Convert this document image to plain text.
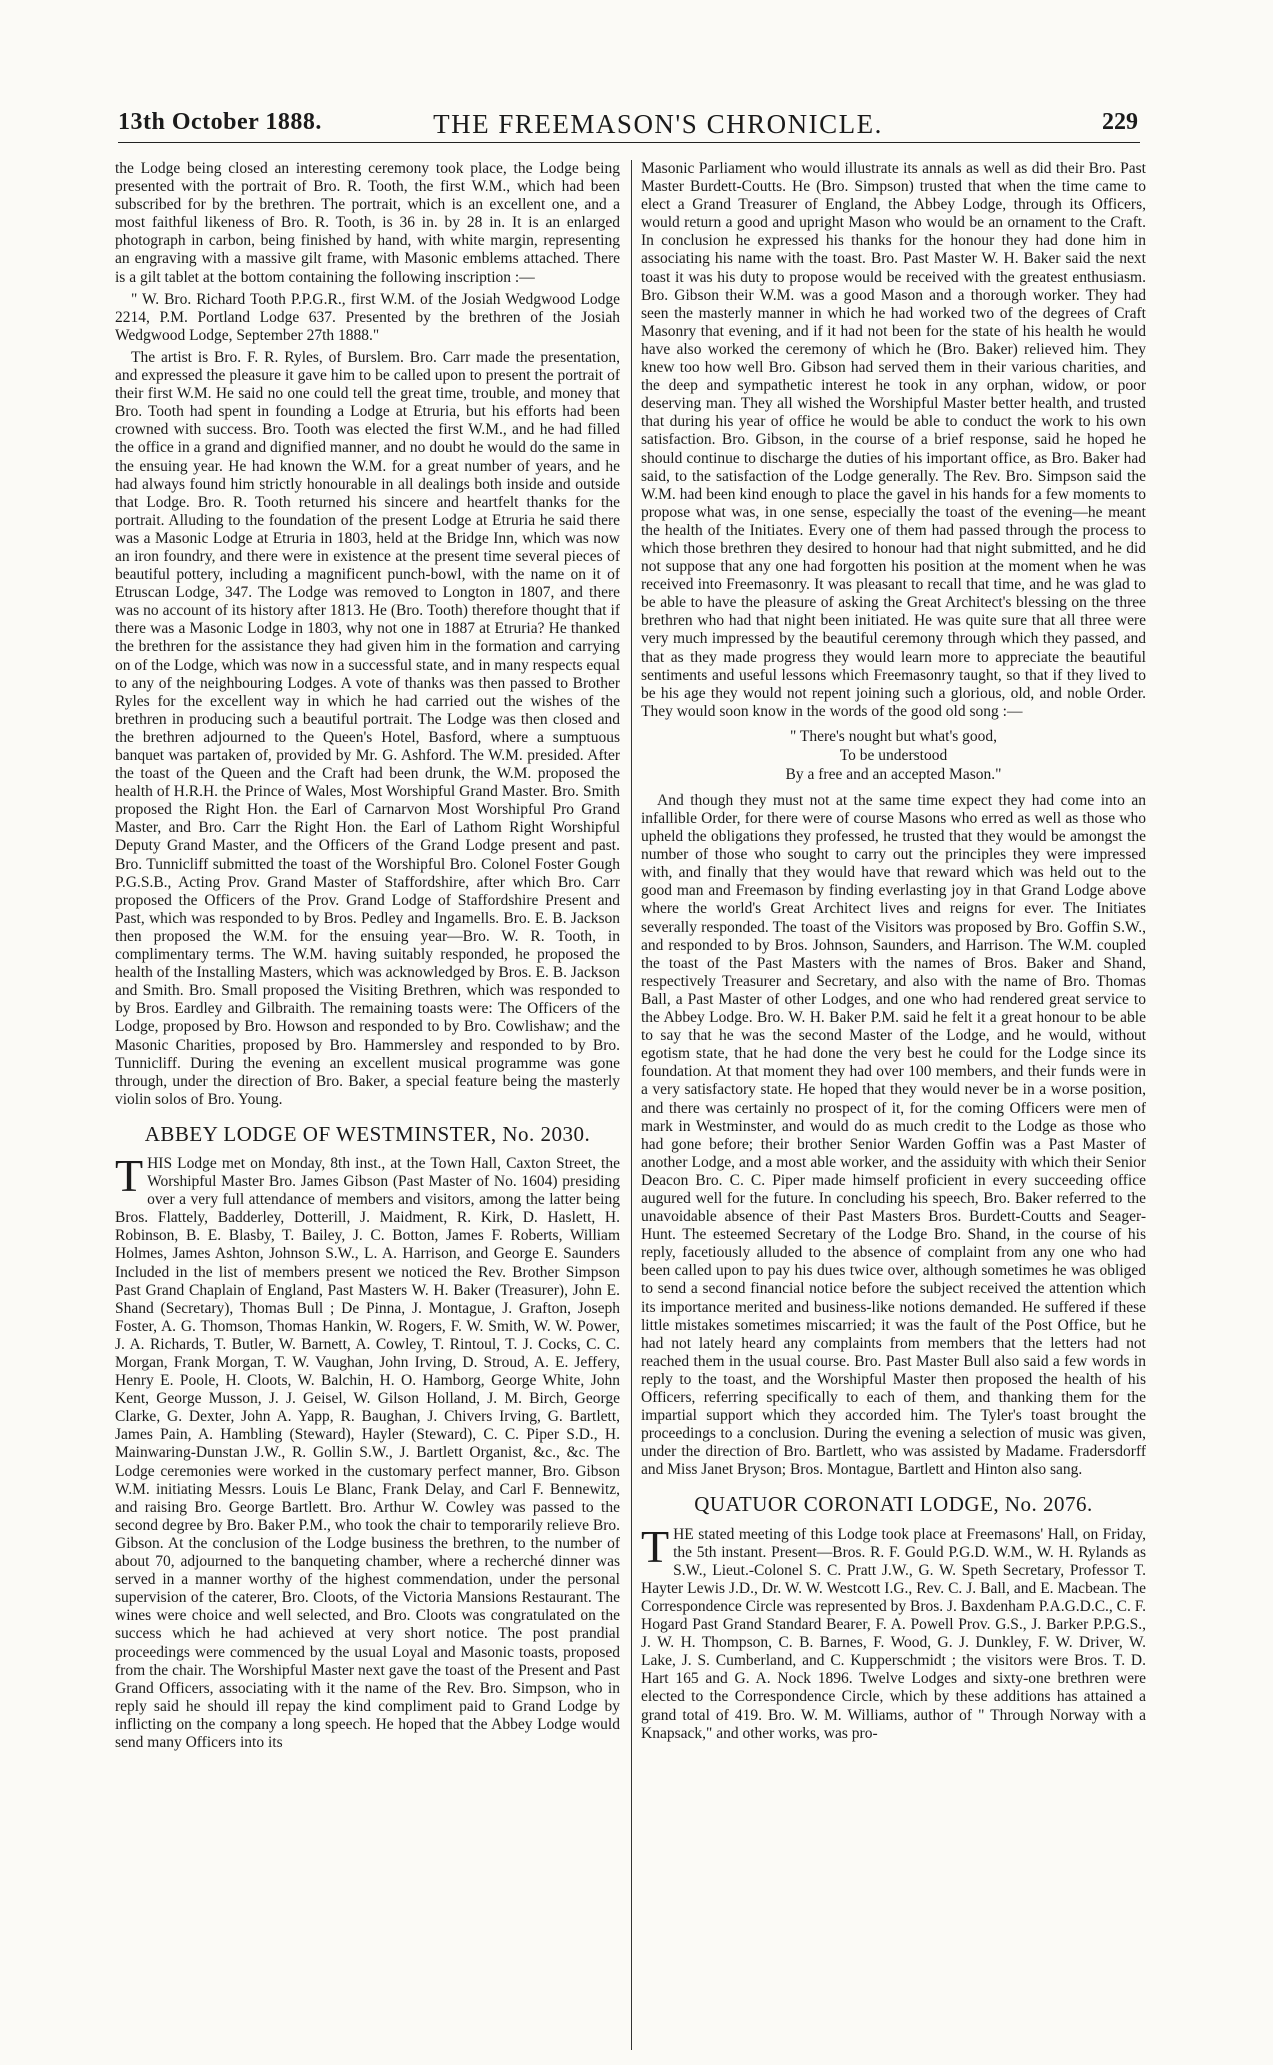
13th October 1888.	THE FREEMASON'S CHRONICLE.	229

the Lodge being closed an interesting ceremony took place, the Lodge being presented with the portrait of Bro. R. Tooth, the first W.M., which had been subscribed for by the brethren. The portrait, which is an excellent one, and a most faithful likeness of Bro. R. Tooth, is 36 in. by 28 in. It is an enlarged photograph in carbon, being finished by hand, with white margin, representing an engraving with a massive gilt frame, with Masonic emblems attached. There is a gilt tablet at the bottom containing the following inscription :—

" W. Bro. Richard Tooth P.P.G.R., first W.M. of the Josiah Wedgwood Lodge 2214, P.M. Portland Lodge 637. Presented by the brethren of the Josiah Wedgwood Lodge, September 27th 1888."

The artist is Bro. F. R. Ryles, of Burslem. Bro. Carr made the presentation, and expressed the pleasure it gave him to be called upon to present the portrait of their first W.M. He said no one could tell the great time, trouble, and money that Bro. Tooth had spent in founding a Lodge at Etruria, but his efforts had been crowned with success. Bro. Tooth was elected the first W.M., and he had filled the office in a grand and dignified manner, and no doubt he would do the same in the ensuing year. He had known the W.M. for a great number of years, and he had always found him strictly honourable in all dealings both inside and outside that Lodge. Bro. R. Tooth returned his sincere and heartfelt thanks for the portrait. Alluding to the foundation of the present Lodge at Etruria he said there was a Masonic Lodge at Etruria in 1803, held at the Bridge Inn, which was now an iron foundry, and there were in existence at the present time several pieces of beautiful pottery, including a magnificent punch-bowl, with the name on it of Etruscan Lodge, 347. The Lodge was removed to Longton in 1807, and there was no account of its history after 1813. He (Bro. Tooth) therefore thought that if there was a Masonic Lodge in 1803, why not one in 1887 at Etruria? He thanked the brethren for the assistance they had given him in the formation and carrying on of the Lodge, which was now in a successful state, and in many respects equal to any of the neighbouring Lodges. A vote of thanks was then passed to Brother Ryles for the excellent way in which he had carried out the wishes of the brethren in producing such a beautiful portrait. The Lodge was then closed and the brethren adjourned to the Queen's Hotel, Basford, where a sumptuous banquet was partaken of, provided by Mr. G. Ashford. The W.M. presided. After the toast of the Queen and the Craft had been drunk, the W.M. proposed the health of H.R.H. the Prince of Wales, Most Worshipful Grand Master. Bro. Smith proposed the Right Hon. the Earl of Carnarvon Most Worshipful Pro Grand Master, and Bro. Carr the Right Hon. the Earl of Lathom Right Worshipful Deputy Grand Master, and the Officers of the Grand Lodge present and past. Bro. Tunnicliff submitted the toast of the Worshipful Bro. Colonel Foster Gough P.G.S.B., Acting Prov. Grand Master of Staffordshire, after which Bro. Carr proposed the Officers of the Prov. Grand Lodge of Staffordshire Present and Past, which was responded to by Bros. Pedley and Ingamells. Bro. E. B. Jackson then proposed the W.M. for the ensuing year—Bro. W. R. Tooth, in complimentary terms. The W.M. having suitably responded, he proposed the health of the Installing Masters, which was acknowledged by Bros. E. B. Jackson and Smith. Bro. Small proposed the Visiting Brethren, which was responded to by Bros. Eardley and Gilbraith. The remaining toasts were: The Officers of the Lodge, proposed by Bro. Howson and responded to by Bro. Cowlishaw; and the Masonic Charities, proposed by Bro. Hammersley and responded to by Bro. Tunnicliff. During the evening an excellent musical programme was gone through, under the direction of Bro. Baker, a special feature being the masterly violin solos of Bro. Young.

ABBEY LODGE OF WESTMINSTER, No. 2030.

THIS Lodge met on Monday, 8th inst., at the Town Hall, Caxton Street, the Worshipful Master Bro. James Gibson (Past Master of No. 1604) presiding over a very full attendance of members and visitors, among the latter being Bros. Flattely, Badderley, Dotterill, J. Maidment, R. Kirk, D. Haslett, H. Robinson, B. E. Blasby, T. Bailey, J. C. Botton, James F. Roberts, William Holmes, James Ashton, Johnson S.W., L. A. Harrison, and George E. Saunders Included in the list of members present we noticed the Rev. Brother Simpson Past Grand Chaplain of England, Past Masters W. H. Baker (Treasurer), John E. Shand (Secretary), Thomas Bull ; De Pinna, J. Montague, J. Grafton, Joseph Foster, A. G. Thomson, Thomas Hankin, W. Rogers, F. W. Smith, W. W. Power, J. A. Richards, T. Butler, W. Barnett, A. Cowley, T. Rintoul, T. J. Cocks, C. C. Morgan, Frank Morgan, T. W. Vaughan, John Irving, D. Stroud, A. E. Jeffery, Henry E. Poole, H. Cloots, W. Balchin, H. O. Hamborg, George White, John Kent, George Musson, J. J. Geisel, W. Gilson Holland, J. M. Birch, George Clarke, G. Dexter, John A. Yapp, R. Baughan, J. Chivers Irving, G. Bartlett, James Pain, A. Hambling (Steward), Hayler (Steward), C. C. Piper S.D., H. Mainwaring-Dunstan J.W., R. Gollin S.W., J. Bartlett Organist, &c., &c. The Lodge ceremonies were worked in the customary perfect manner, Bro. Gibson W.M. initiating Messrs. Louis Le Blanc, Frank Delay, and Carl F. Bennewitz, and raising Bro. George Bartlett. Bro. Arthur W. Cowley was passed to the second degree by Bro. Baker P.M., who took the chair to temporarily relieve Bro. Gibson. At the conclusion of the Lodge business the brethren, to the number of about 70, adjourned to the banqueting chamber, where a recherché dinner was served in a manner worthy of the highest commendation, under the personal supervision of the caterer, Bro. Cloots, of the Victoria Mansions Restaurant. The wines were choice and well selected, and Bro. Cloots was congratulated on the success which he had achieved at very short notice. The post prandial proceedings were commenced by the usual Loyal and Masonic toasts, proposed from the chair. The Worshipful Master next gave the toast of the Present and Past Grand Officers, associating with it the name of the Rev. Bro. Simpson, who in reply said he should ill repay the kind compliment paid to Grand Lodge by inflicting on the company a long speech. He hoped that the Abbey Lodge would send many Officers into its

Masonic Parliament who would illustrate its annals as well as did their Bro. Past Master Burdett-Coutts. He (Bro. Simpson) trusted that when the time came to elect a Grand Treasurer of England, the Abbey Lodge, through its Officers, would return a good and upright Mason who would be an ornament to the Craft. In conclusion he expressed his thanks for the honour they had done him in associating his name with the toast. Bro. Past Master W. H. Baker said the next toast it was his duty to propose would be received with the greatest enthusiasm. Bro. Gibson their W.M. was a good Mason and a thorough worker. They had seen the masterly manner in which he had worked two of the degrees of Craft Masonry that evening, and if it had not been for the state of his health he would have also worked the ceremony of which he (Bro. Baker) relieved him. They knew too how well Bro. Gibson had served them in their various charities, and the deep and sympathetic interest he took in any orphan, widow, or poor deserving man. They all wished the Worshipful Master better health, and trusted that during his year of office he would be able to conduct the work to his own satisfaction. Bro. Gibson, in the course of a brief response, said he hoped he should continue to discharge the duties of his important office, as Bro. Baker had said, to the satisfaction of the Lodge generally. The Rev. Bro. Simpson said the W.M. had been kind enough to place the gavel in his hands for a few moments to propose what was, in one sense, especially the toast of the evening—he meant the health of the Initiates. Every one of them had passed through the process to which those brethren they desired to honour had that night submitted, and he did not suppose that any one had forgotten his position at the moment when he was received into Freemasonry. It was pleasant to recall that time, and he was glad to be able to have the pleasure of asking the Great Architect's blessing on the three brethren who had that night been initiated. He was quite sure that all three were very much impressed by the beautiful ceremony through which they passed, and that as they made progress they would learn more to appreciate the beautiful sentiments and useful lessons which Freemasonry taught, so that if they lived to be his age they would not repent joining such a glorious, old, and noble Order. They would soon know in the words of the good old song :—

" There's nought but what's good,
To be understood
By a free and an accepted Mason."

And though they must not at the same time expect they had come into an infallible Order, for there were of course Masons who erred as well as those who upheld the obligations they professed, he trusted that they would be amongst the number of those who sought to carry out the principles they were impressed with, and finally that they would have that reward which was held out to the good man and Freemason by finding everlasting joy in that Grand Lodge above where the world's Great Architect lives and reigns for ever. The Initiates severally responded. The toast of the Visitors was proposed by Bro. Goffin S.W., and responded to by Bros. Johnson, Saunders, and Harrison. The W.M. coupled the toast of the Past Masters with the names of Bros. Baker and Shand, respectively Treasurer and Secretary, and also with the name of Bro. Thomas Ball, a Past Master of other Lodges, and one who had rendered great service to the Abbey Lodge. Bro. W. H. Baker P.M. said he felt it a great honour to be able to say that he was the second Master of the Lodge, and he would, without egotism state, that he had done the very best he could for the Lodge since its foundation. At that moment they had over 100 members, and their funds were in a very satisfactory state. He hoped that they would never be in a worse position, and there was certainly no prospect of it, for the coming Officers were men of mark in Westminster, and would do as much credit to the Lodge as those who had gone before; their brother Senior Warden Goffin was a Past Master of another Lodge, and a most able worker, and the assiduity with which their Senior Deacon Bro. C. C. Piper made himself proficient in every succeeding office augured well for the future. In concluding his speech, Bro. Baker referred to the unavoidable absence of their Past Masters Bros. Burdett-Coutts and Seager-Hunt. The esteemed Secretary of the Lodge Bro. Shand, in the course of his reply, facetiously alluded to the absence of complaint from any one who had been called upon to pay his dues twice over, although sometimes he was obliged to send a second financial notice before the subject received the attention which its importance merited and business-like notions demanded. He suffered if these little mistakes sometimes miscarried; it was the fault of the Post Office, but he had not lately heard any complaints from members that the letters had not reached them in the usual course. Bro. Past Master Bull also said a few words in reply to the toast, and the Worshipful Master then proposed the health of his Officers, referring specifically to each of them, and thanking them for the impartial support which they accorded him. The Tyler's toast brought the proceedings to a conclusion. During the evening a selection of music was given, under the direction of Bro. Bartlett, who was assisted by Madame. Fradersdorff and Miss Janet Bryson; Bros. Montague, Bartlett and Hinton also sang.

QUATUOR CORONATI LODGE, No. 2076.

THE stated meeting of this Lodge took place at Freemasons' Hall, on Friday, the 5th instant. Present—Bros. R. F. Gould P.G.D. W.M., W. H. Rylands as S.W., Lieut.-Colonel S. C. Pratt J.W., G. W. Speth Secretary, Professor T. Hayter Lewis J.D., Dr. W. W. Westcott I.G., Rev. C. J. Ball, and E. Macbean. The Correspondence Circle was represented by Bros. J. Baxdenham P.A.G.D.C., C. F. Hogard Past Grand Standard Bearer, F. A. Powell Prov. G.S., J. Barker P.P.G.S., J. W. H. Thompson, C. B. Barnes, F. Wood, G. J. Dunkley, F. W. Driver, W. Lake, J. S. Cumberland, and C. Kupperschmidt ; the visitors were Bros. T. D. Hart 165 and G. A. Nock 1896. Twelve Lodges and sixty-one brethren were elected to the Correspondence Circle, which by these additions has attained a grand total of 419. Bro. W. M. Williams, author of " Through Norway with a Knapsack," and other works, was pro-
